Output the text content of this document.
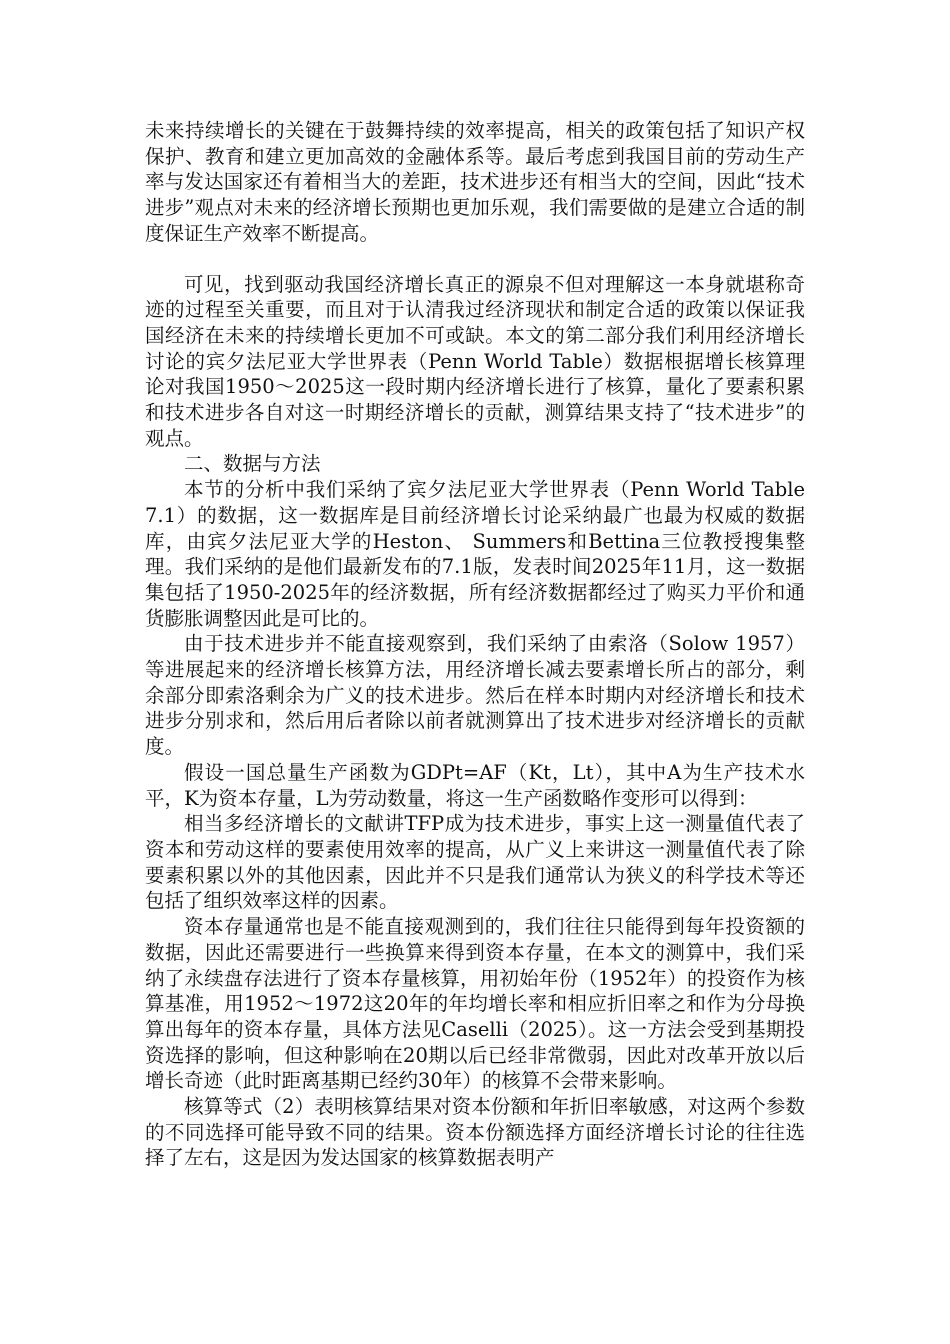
未来持续增长的关键在于鼓舞持续的效率提高，相关的政策包括了知识产权保护、教育和建立更加高效的金融体系等。最后考虑到我国目前的劳动生产率与发达国家还有着相当大的差距，技术进步还有相当大的空间，因此“技术进步”观点对未来的经济增长预期也更加乐观，我们需要做的是建立合适的制度保证生产效率不断提高。

可见，找到驱动我国经济增长真正的源泉不但对理解这一本身就堪称奇迹的过程至关重要，而且对于认清我过经济现状和制定合适的政策以保证我国经济在未来的持续增长更加不可或缺。本文的第二部分我们利用经济增长讨论的宾夕法尼亚大学世界表（Penn World Table）数据根据增长核算理论对我国1950～2025这一段时期内经济增长进行了核算，量化了要素积累和技术进步各自对这一时期经济增长的贡献，测算结果支持了“技术进步”的观点。

二、数据与方法

本节的分析中我们采纳了宾夕法尼亚大学世界表（Penn World Table 7.1）的数据，这一数据库是目前经济增长讨论采纳最广也最为权威的数据库，由宾夕法尼亚大学的Heston、 Summers和Bettina三位教授搜集整理。我们采纳的是他们最新发布的7.1版，发表时间2025年11月，这一数据集包括了1950-2025年的经济数据，所有经济数据都经过了购买力平价和通货膨胀调整因此是可比的。

由于技术进步并不能直接观察到，我们采纳了由索洛（Solow 1957）等进展起来的经济增长核算方法，用经济增长减去要素增长所占的部分，剩余部分即索洛剩余为广义的技术进步。然后在样本时期内对经济增长和技术进步分别求和，然后用后者除以前者就测算出了技术进步对经济增长的贡献度。

假设一国总量生产函数为GDPt=AF（Kt，Lt），其中A为生产技术水平，K为资本存量，L为劳动数量，将这一生产函数略作变形可以得到：

相当多经济增长的文献讲TFP成为技术进步，事实上这一测量值代表了资本和劳动这样的要素使用效率的提高，从广义上来讲这一测量值代表了除要素积累以外的其他因素，因此并不只是我们通常认为狭义的科学技术等还包括了组织效率这样的因素。

资本存量通常也是不能直接观测到的，我们往往只能得到每年投资额的数据，因此还需要进行一些换算来得到资本存量，在本文的测算中，我们采纳了永续盘存法进行了资本存量核算，用初始年份（1952年）的投资作为核算基准，用1952～1972这20年的年均增长率和相应折旧率之和作为分母换算出每年的资本存量，具体方法见Caselli（2025）。这一方法会受到基期投资选择的影响，但这种影响在20期以后已经非常微弱，因此对改革开放以后增长奇迹（此时距离基期已经约30年）的核算不会带来影响。

核算等式（2）表明核算结果对资本份额和年折旧率敏感，对这两个参数的不同选择可能导致不同的结果。资本份额选择方面经济增长讨论的往往选择了左右，这是因为发达国家的核算数据表明产
